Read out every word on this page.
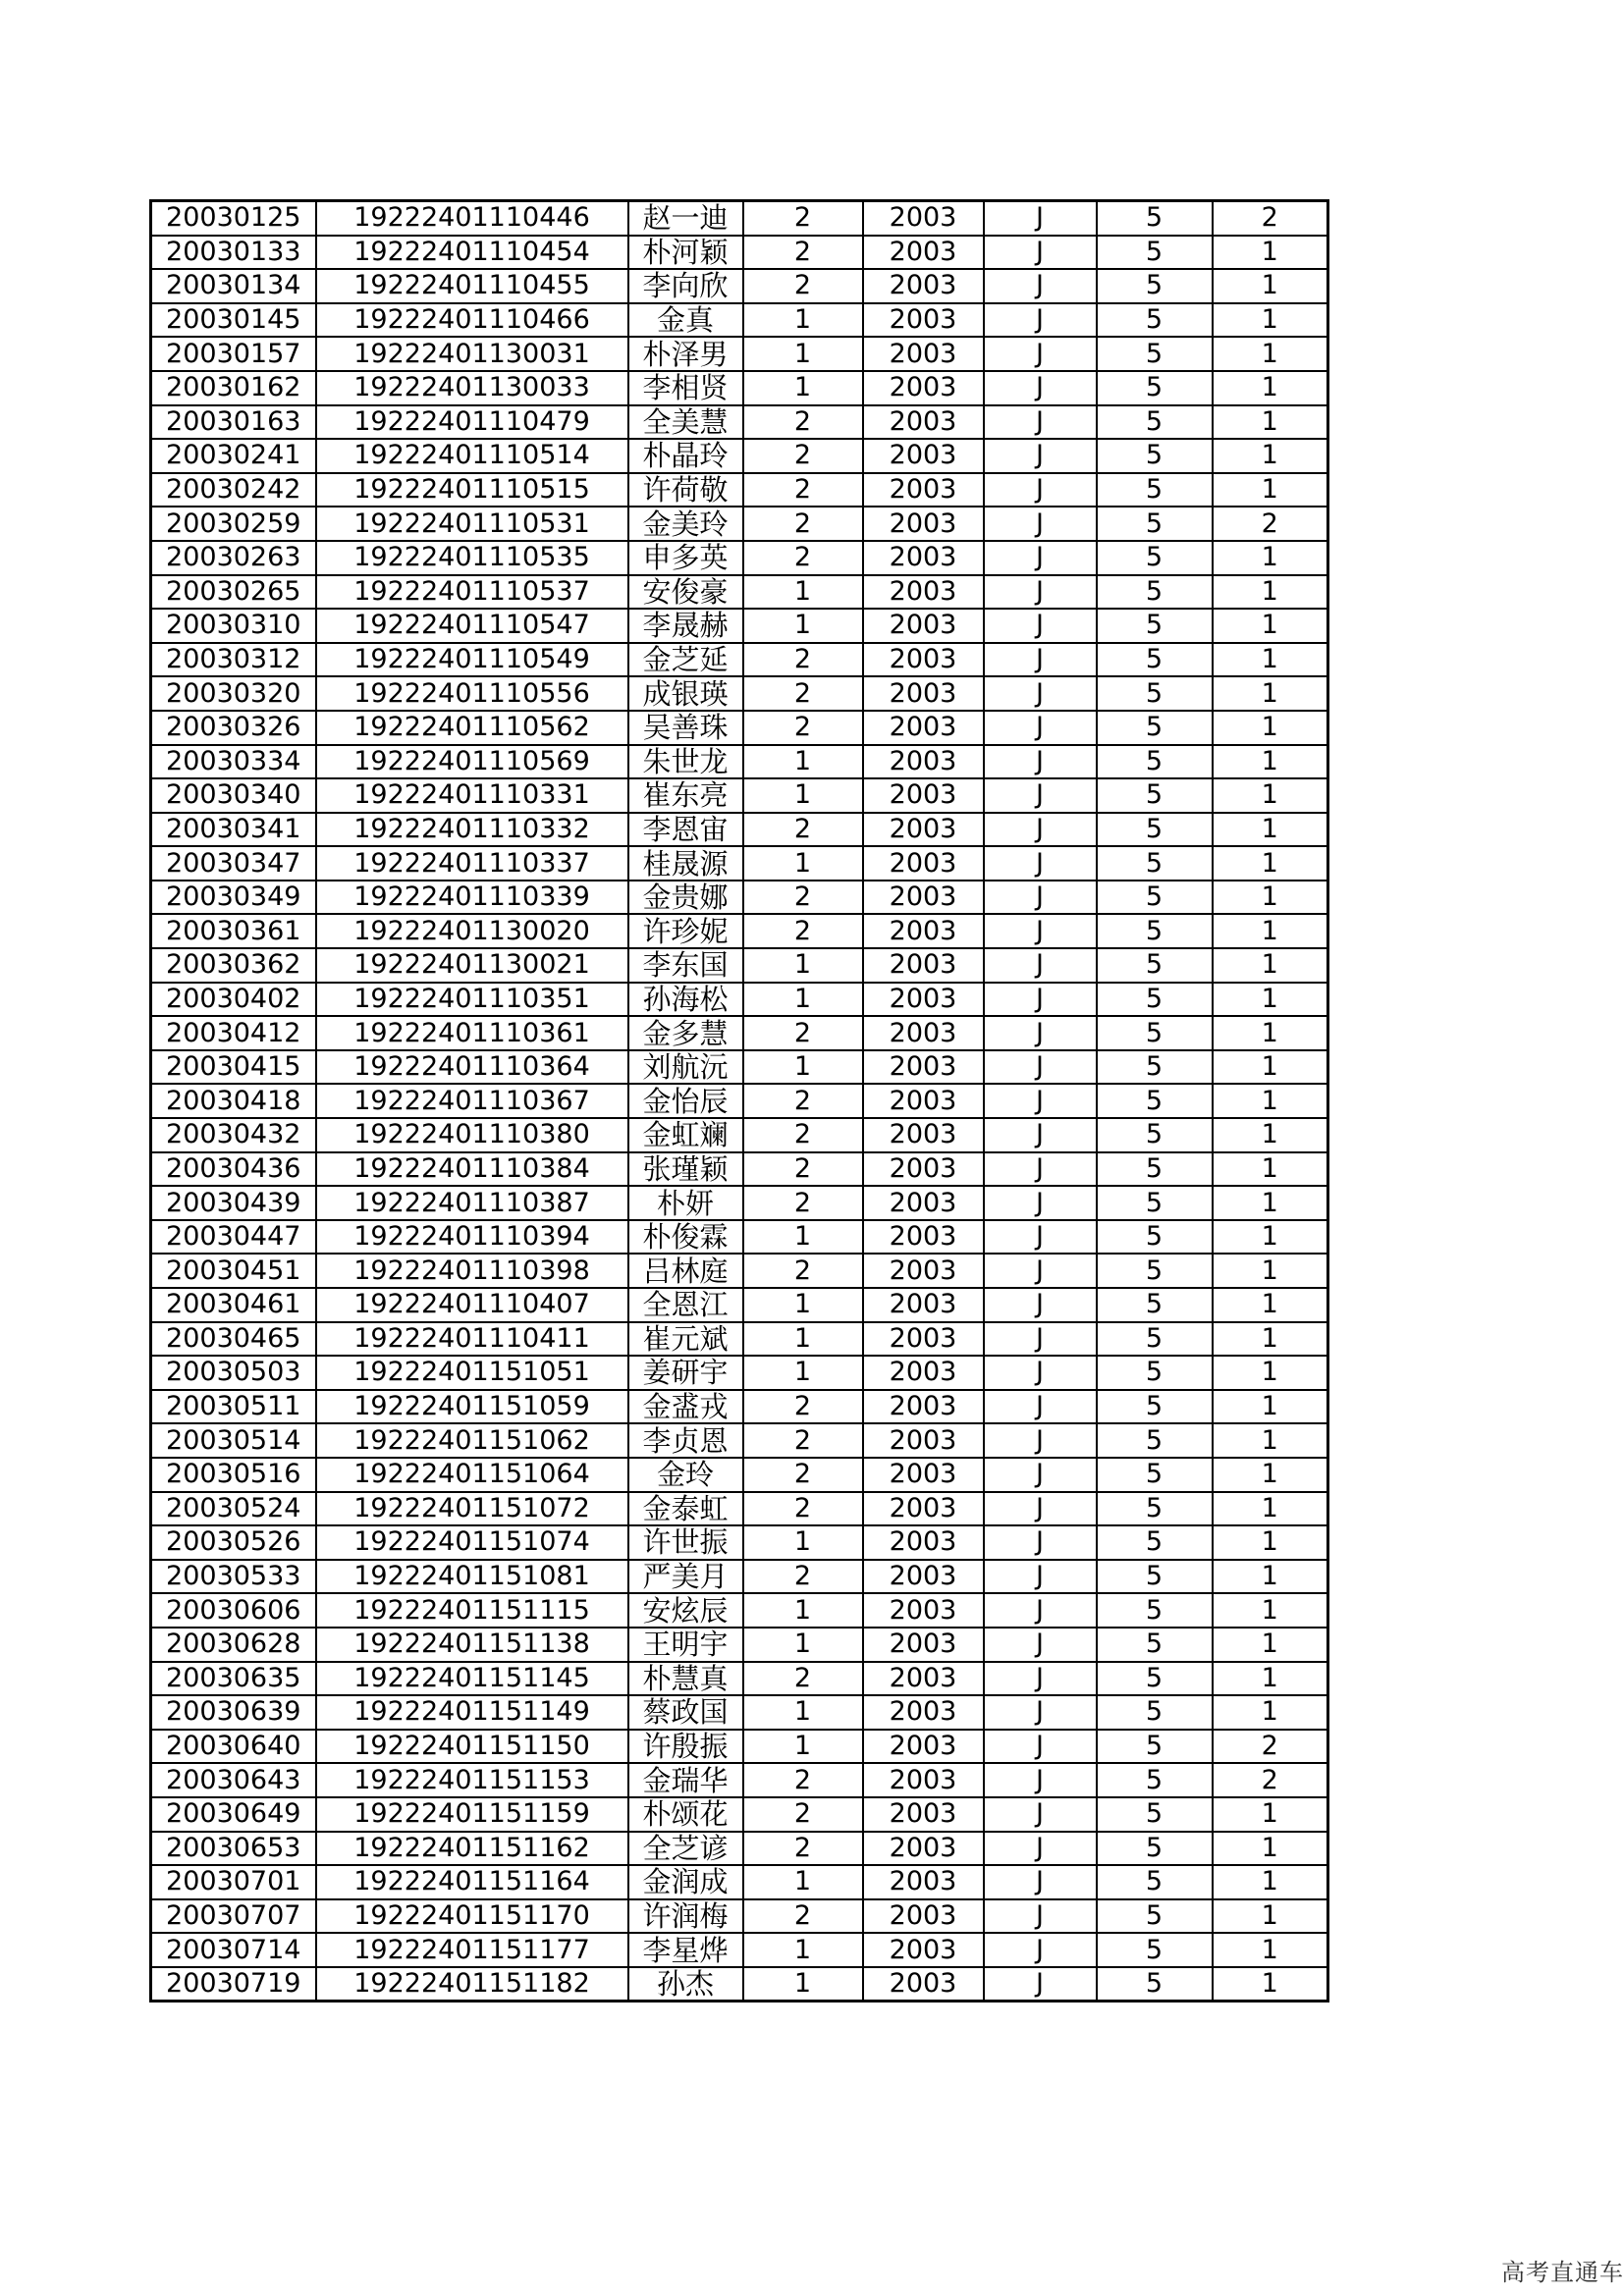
20030125	19222401110446	赵一迪	2	2003	J	5	2
20030133	19222401110454	朴河颖	2	2003	J	5	1
20030134	19222401110455	李向欣	2	2003	J	5	1
20030145	19222401110466	金真	1	2003	J	5	1
20030157	19222401130031	朴泽男	1	2003	J	5	1
20030162	19222401130033	李相贤	1	2003	J	5	1
20030163	19222401110479	全美慧	2	2003	J	5	1
20030241	19222401110514	朴晶玲	2	2003	J	5	1
20030242	19222401110515	许荷敬	2	2003	J	5	1
20030259	19222401110531	金美玲	2	2003	J	5	2
20030263	19222401110535	申多英	2	2003	J	5	1
20030265	19222401110537	安俊豪	1	2003	J	5	1
20030310	19222401110547	李晟赫	1	2003	J	5	1
20030312	19222401110549	金芝延	2	2003	J	5	1
20030320	19222401110556	成银瑛	2	2003	J	5	1
20030326	19222401110562	吴善珠	2	2003	J	5	1
20030334	19222401110569	朱世龙	1	2003	J	5	1
20030340	19222401110331	崔东亮	1	2003	J	5	1
20030341	19222401110332	李恩宙	2	2003	J	5	1
20030347	19222401110337	桂晟源	1	2003	J	5	1
20030349	19222401110339	金贵娜	2	2003	J	5	1
20030361	19222401130020	许珍妮	2	2003	J	5	1
20030362	19222401130021	李东国	1	2003	J	5	1
20030402	19222401110351	孙海松	1	2003	J	5	1
20030412	19222401110361	金多慧	2	2003	J	5	1
20030415	19222401110364	刘航沅	1	2003	J	5	1
20030418	19222401110367	金怡辰	2	2003	J	5	1
20030432	19222401110380	金虹斓	2	2003	J	5	1
20030436	19222401110384	张瑾颖	2	2003	J	5	1
20030439	19222401110387	朴妍	2	2003	J	5	1
20030447	19222401110394	朴俊霖	1	2003	J	5	1
20030451	19222401110398	吕林庭	2	2003	J	5	1
20030461	19222401110407	全恩江	1	2003	J	5	1
20030465	19222401110411	崔元斌	1	2003	J	5	1
20030503	19222401151051	姜研宇	1	2003	J	5	1
20030511	19222401151059	金盚戎	2	2003	J	5	1
20030514	19222401151062	李贞恩	2	2003	J	5	1
20030516	19222401151064	金玲	2	2003	J	5	1
20030524	19222401151072	金泰虹	2	2003	J	5	1
20030526	19222401151074	许世振	1	2003	J	5	1
20030533	19222401151081	严美月	2	2003	J	5	1
20030606	19222401151115	安炫辰	1	2003	J	5	1
20030628	19222401151138	王明宇	1	2003	J	5	1
20030635	19222401151145	朴慧真	2	2003	J	5	1
20030639	19222401151149	蔡政国	1	2003	J	5	1
20030640	19222401151150	许殷振	1	2003	J	5	2
20030643	19222401151153	金瑞华	2	2003	J	5	2
20030649	19222401151159	朴颂花	2	2003	J	5	1
20030653	19222401151162	全芝谚	2	2003	J	5	1
20030701	19222401151164	金润成	1	2003	J	5	1
20030707	19222401151170	许润梅	2	2003	J	5	1
20030714	19222401151177	李星烨	1	2003	J	5	1
20030719	19222401151182	孙杰	1	2003	J	5	1
高考直通车
